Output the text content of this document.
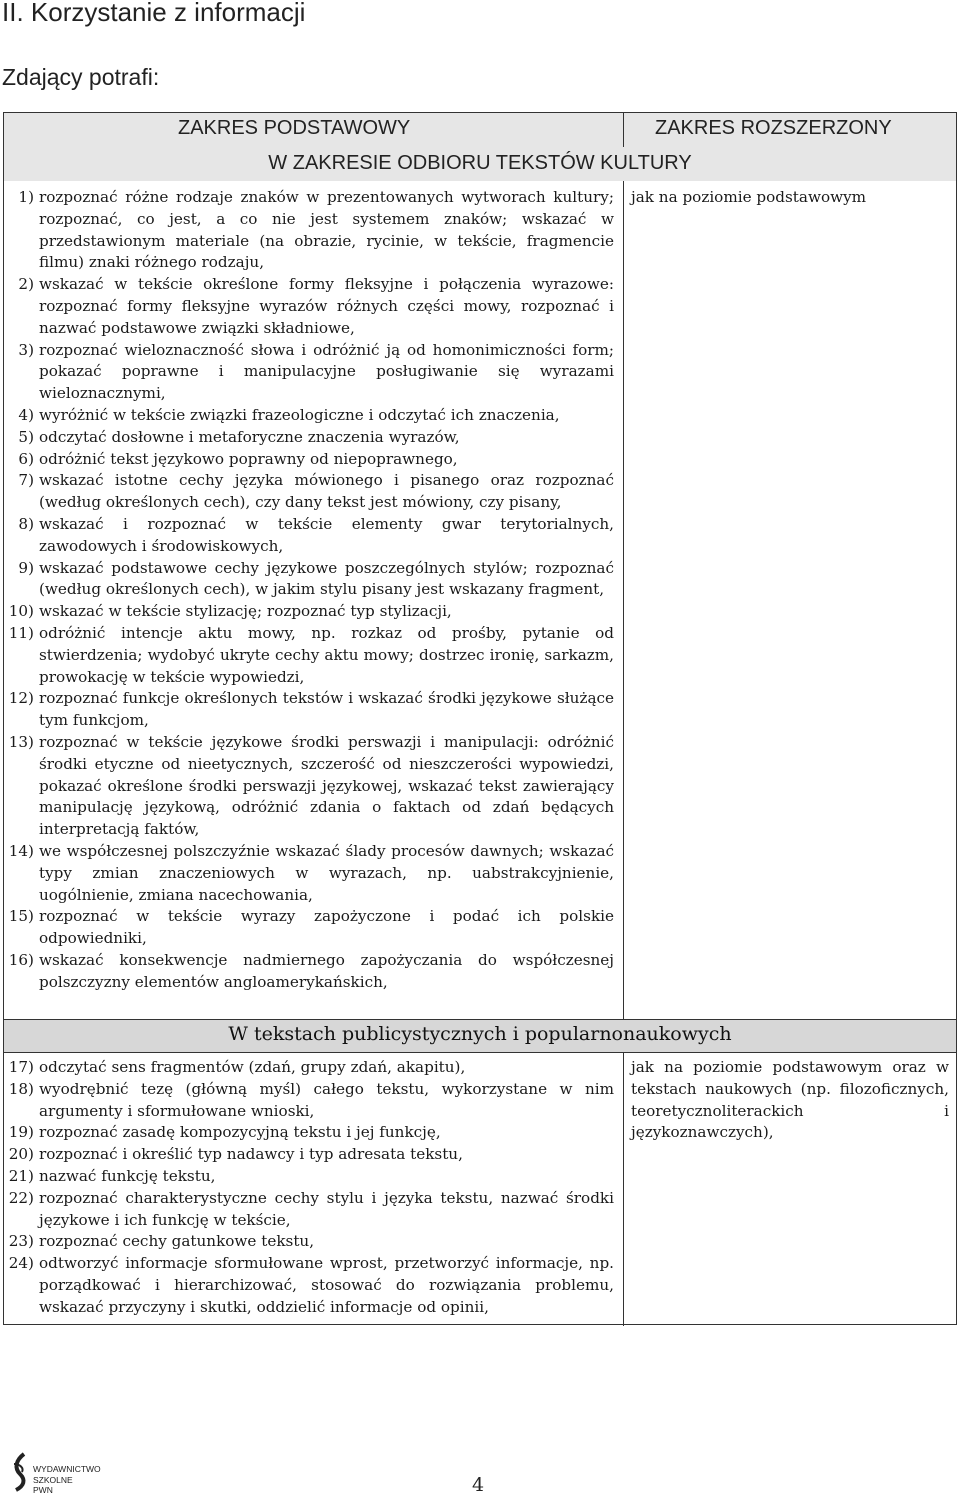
II. Korzystanie z informacji
Zdający potrafi:
ZAKRES PODSTAWOWY	ZAKRES ROZSZERZONY
W ZAKRESIE ODBIORU TEKSTÓW KULTURY
W tekstach publicystycznych i popularnonaukowych
1) rozpoznać różne rodzaje znaków w prezentowanych wytworach kultury; rozpoznać, co jest, a co nie jest systemem znaków; wskazać w przedstawionym materiale (na obrazie, rycinie, w tekście, fragmencie filmu) znaki różnego rodzaju,
2) wskazać w tekście określone formy fleksyjne i połączenia wyrazowe: rozpoznać formy fleksyjne wyrazów różnych części mowy, rozpoznać i nazwać podstawowe związki składniowe,
3) rozpoznać wieloznaczność słowa i odróżnić ją od homonimiczności form; pokazać poprawne i manipulacyjne posługiwanie się wyrazami wieloznacznymi,
4) wyróżnić w tekście związki frazeologiczne i odczytać ich znaczenia,
5) odczytać dosłowne i metaforyczne znaczenia wyrazów,
6) odróżnić tekst językowo poprawny od niepoprawnego,
7) wskazać istotne cechy języka mówionego i pisanego oraz rozpoznać (według określonych cech), czy dany tekst jest mówiony, czy pisany,
8) wskazać i rozpoznać w tekście elementy gwar terytorialnych, zawodowych i środowiskowych,
9) wskazać podstawowe cechy językowe poszczególnych stylów; rozpoznać (według określonych cech), w jakim stylu pisany jest wskazany fragment,
10) wskazać w tekście stylizację; rozpoznać typ stylizacji,
11) odróżnić intencje aktu mowy, np. rozkaz od prośby, pytanie od stwierdzenia; wydobyć ukryte cechy aktu mowy; dostrzec ironię, sarkazm, prowokację w tekście wypowiedzi,
12) rozpoznać funkcje określonych tekstów i wskazać środki językowe służące tym funkcjom,
13) rozpoznać w tekście językowe środki perswazji i manipulacji: odróżnić środki etyczne od nieetycznych, szczerość od nieszczerości wypowiedzi, pokazać określone środki perswazji językowej, wskazać tekst zawierający manipulację językową, odróżnić zdania o faktach od zdań będących interpretacją faktów,
14) we współczesnej polszczyźnie wskazać ślady procesów dawnych; wskazać typy zmian znaczeniowych w wyrazach, np. uabstrakcyjnienie, uogólnienie, zmiana nacechowania,
15) rozpoznać w tekście wyrazy zapożyczone i podać ich polskie odpowiedniki,
16) wskazać konsekwencje nadmiernego zapożyczania do współczesnej polszczyzny elementów angloamerykańskich,
jak na poziomie podstawowym
17) odczytać sens fragmentów (zdań, grupy zdań, akapitu),
18) wyodrębnić tezę (główną myśl) całego tekstu, wykorzystane w nim argumenty i sformułowane wnioski,
19) rozpoznać zasadę kompozycyjną tekstu i jej funkcję,
20) rozpoznać i określić typ nadawcy i typ adresata tekstu,
21) nazwać funkcję tekstu,
22) rozpoznać charakterystyczne cechy stylu i języka tekstu, nazwać środki językowe i ich funkcję w tekście,
23) rozpoznać cechy gatunkowe tekstu,
24) odtworzyć informacje sformułowane wprost, przetworzyć informacje, np. porządkować i hierarchizować, stosować do rozwiązania problemu, wskazać przyczyny i skutki, oddzielić informacje od opinii,
jak na poziomie podstawowym oraz w tekstach naukowych (np. filozoficznych, teoretycznoliterackich i językoznawczych),
WYDAWNICTWO
SZKOLNE
PWN	4
